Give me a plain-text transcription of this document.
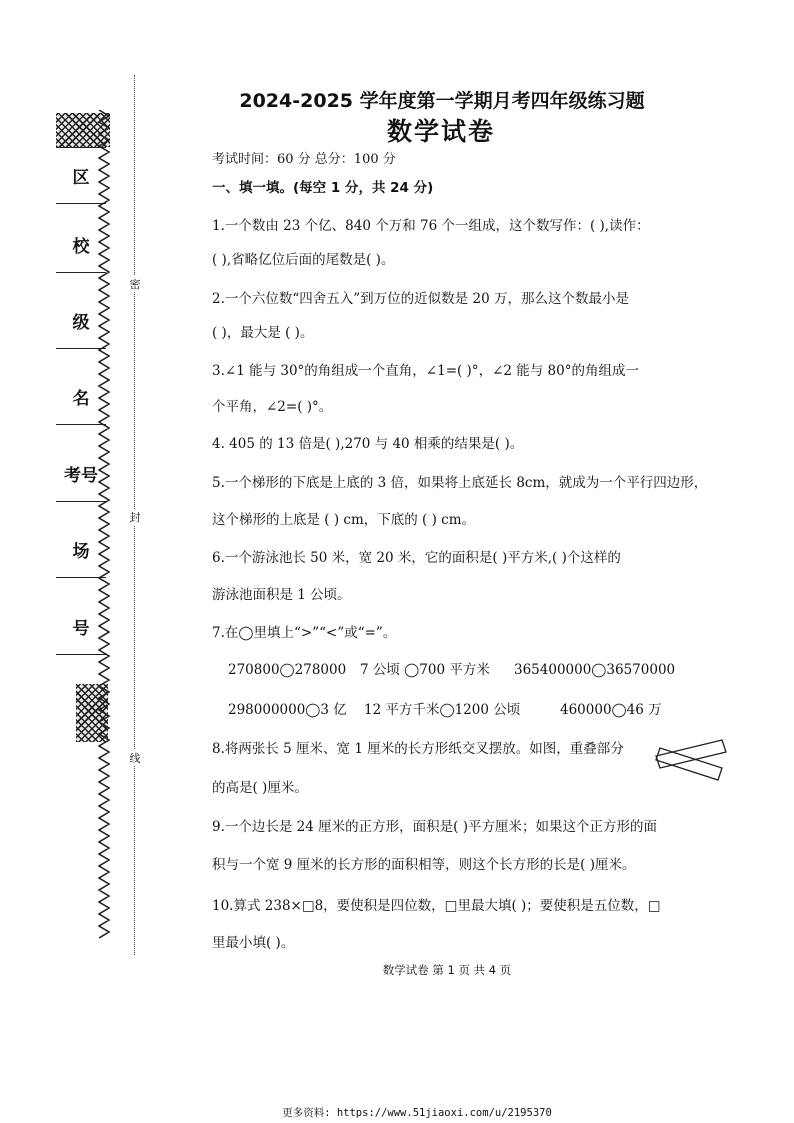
区
校
级
名
考号
场
号
密
封
线
2024-2025 学年度第一学期月考四年级练习题
数学试卷
考试时间：60 分 总分：100 分
一、填一填。(每空 1 分，共 24 分)
1.一个数由 23 个亿、840 个万和 76 个一组成，这个数写作：( ),读作：
( ),省略亿位后面的尾数是( )。
2.一个六位数“四舍五入”到万位的近似数是 20 万，那么这个数最小是
( )，最大是 ( )。
3.∠1 能与 30°的角组成一个直角，∠1=( )°，∠2 能与 80°的角组成一
个平角，∠2=( )°。
4. 405 的 13 倍是( ),270 与 40 相乘的结果是( )。
5.一个梯形的下底是上底的 3 倍，如果将上底延长 8cm，就成为一个平行四边形，
这个梯形的上底是 ( ) cm，下底的 ( ) cm。
6.一个游泳池长 50 米，宽 20 米，它的面积是( )平方米,( )个这样的
游泳池面积是 1 公顷。
7.在◯里填上“>”“<”或“=”。
270800◯278000 7 公顷 ◯700 平方米 365400000◯36570000
298000000◯3 亿 12 平方千米◯1200 公顷	460000◯46 万
8.将两张长 5 厘米、宽 1 厘米的长方形纸交叉摆放。如图，重叠部分
的高是( )厘米。
9.一个边长是 24 厘米的正方形，面积是( )平方厘米；如果这个正方形的面
积与一个宽 9 厘米的长方形的面积相等，则这个长方形的长是( )厘米。
10.算式 238×□8，要使积是四位数，□里最大填( )；要使积是五位数，□
里最小填( )。
数学试卷 第 1 页 共 4 页
更多资料: https://www.51jiaoxi.com/u/2195370
